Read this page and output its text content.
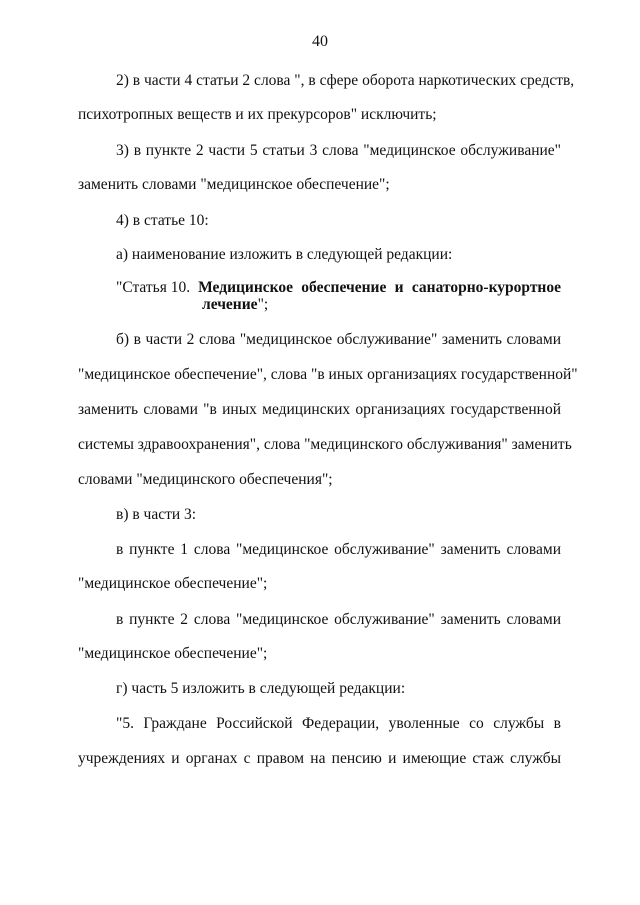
40
2) в части 4 статьи 2 слова ", в сфере оборота наркотических средств,
психотропных веществ и их прекурсоров" исключить;
3) в пункте 2 части 5 статьи 3 слова "медицинское обслуживание"
заменить словами "медицинское обеспечение";
4) в статье 10:
а) наименование изложить в следующей редакции:
"Статья 10. Медицинское обеспечение и санаторно-курортное
лечение";
б) в части 2 слова "медицинское обслуживание" заменить словами
"медицинское обеспечение", слова "в иных организациях государственной"
заменить словами "в иных медицинских организациях государственной
системы здравоохранения", слова "медицинского обслуживания" заменить
словами "медицинского обеспечения";
в) в части 3:
в пункте 1 слова "медицинское обслуживание" заменить словами
"медицинское обеспечение";
в пункте 2 слова "медицинское обслуживание" заменить словами
"медицинское обеспечение";
г) часть 5 изложить в следующей редакции:
"5. Граждане Российской Федерации, уволенные со службы в
учреждениях и органах с правом на пенсию и имеющие стаж службы
